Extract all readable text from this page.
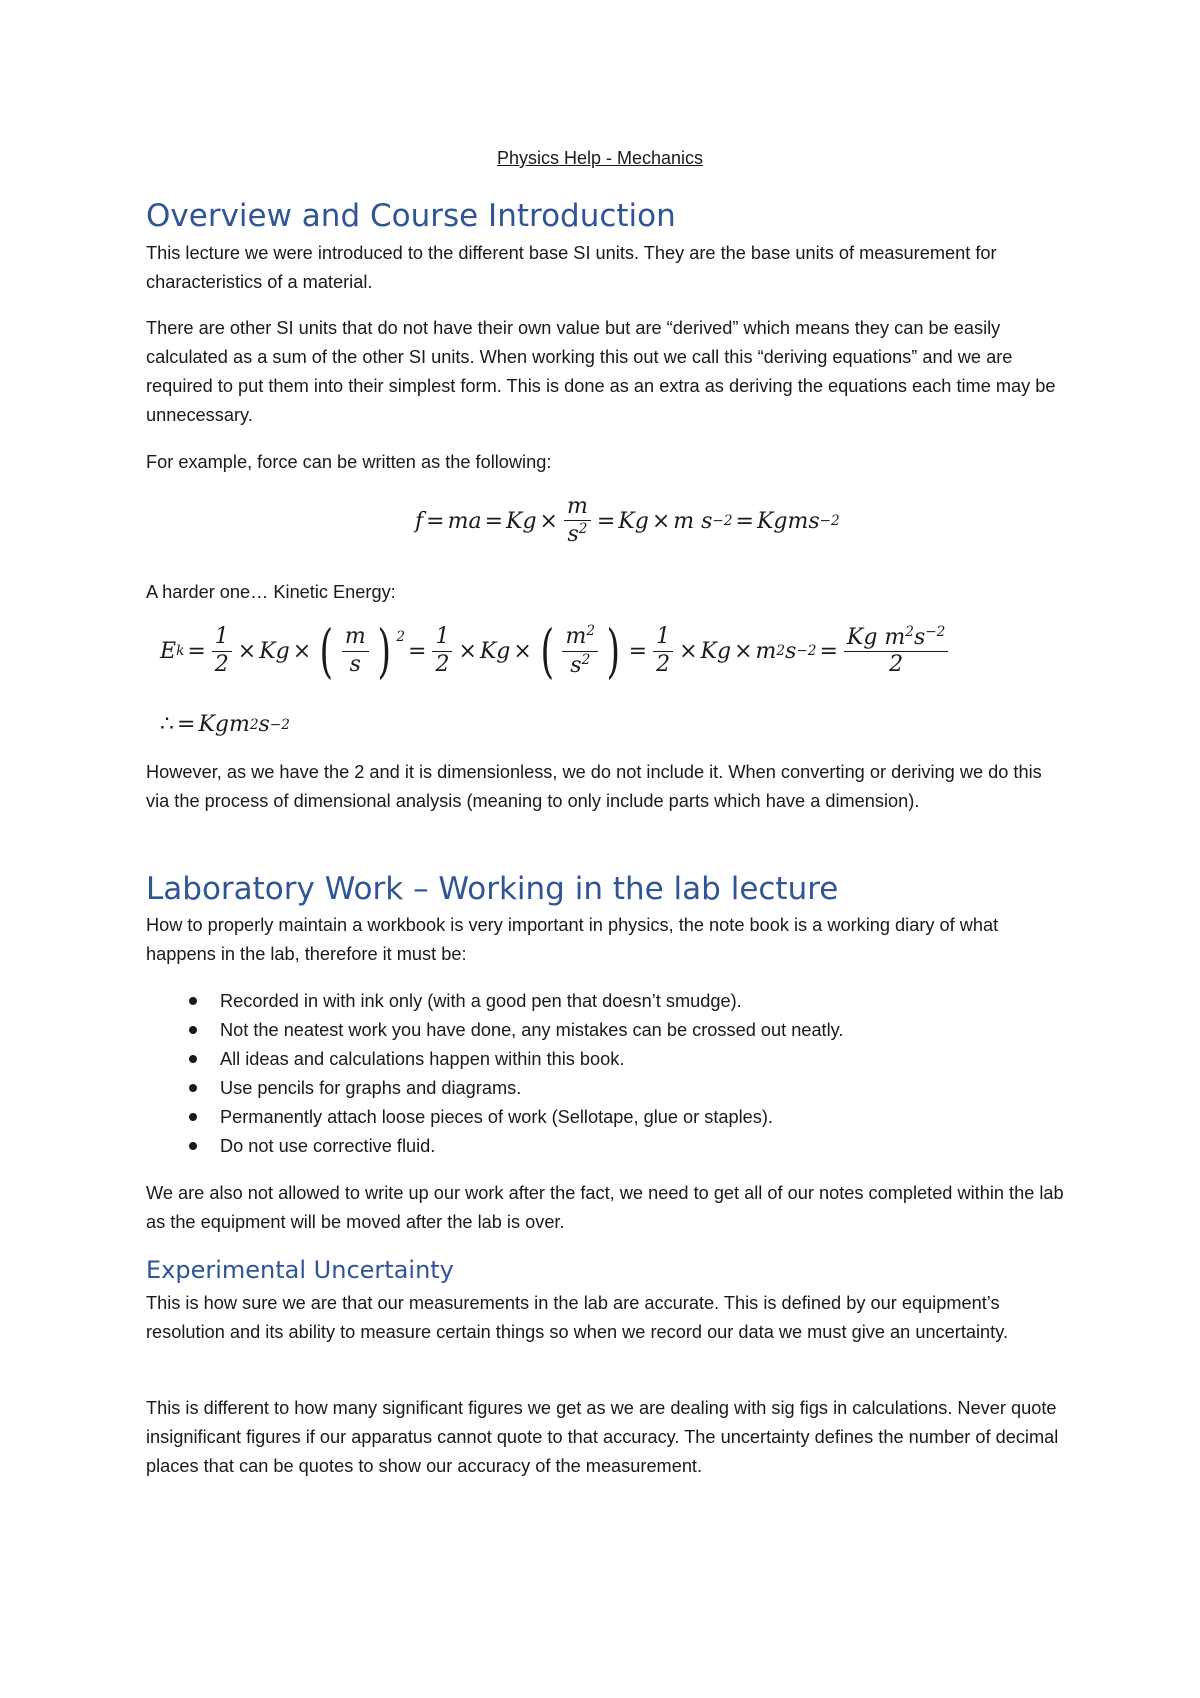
Physics Help - Mechanics
Overview and Course Introduction

This lecture we were introduced to the different base SI units. They are the base units of measurement for characteristics of a material.

There are other SI units that do not have their own value but are “derived” which means they can be easily calculated as a sum of the other SI units. When working this out we call this “deriving equations” and we are required to put them into their simplest form. This is done as an extra as deriving the equations each time may be unnecessary.

For example, force can be written as the following:

f = ma = $Kg \times \frac{m}{s^2} = Kg \times m$ s −2 = Kgms −2

A harder one… Kinetic Energy:

E $k = \frac{1}{2} \times Kg$ × ( $\frac{m}{s}$ ) $^2$
= $\frac{1}{2} \times Kg$ × ( $\frac{m^2}{s^2}$ ) = $\frac{1}{2} \times Kg \times m$ 2 $s -2 = \frac{Kg m^2s^{-2}}{2}$
∴ = Kgm 2 s −2

However, as we have the 2 and it is dimensionless, we do not include it. When converting or deriving we do this via the process of dimensional analysis (meaning to only include parts which have a dimension).

Laboratory Work – Working in the lab lecture

How to properly maintain a workbook is very important in physics, the note book is a working diary of what happens in the lab, therefore it must be:

Recorded in with ink only (with a good pen that doesn’t smudge).
Not the neatest work you have done, any mistakes can be crossed out neatly.
All ideas and calculations happen within this book.
Use pencils for graphs and diagrams.
Permanently attach loose pieces of work (Sellotape, glue or staples).
Do not use corrective fluid.

We are also not allowed to write up our work after the fact, we need to get all of our notes completed within the lab as the equipment will be moved after the lab is over.

Experimental Uncertainty

This is how sure we are that our measurements in the lab are accurate. This is defined by our equipment’s resolution and its ability to measure certain things so when we record our data we must give an uncertainty.

This is different to how many significant figures we get as we are dealing with sig figs in calculations. Never quote insignificant figures if our apparatus cannot quote to that accuracy. The uncertainty defines the number of decimal places that can be quotes to show our accuracy of the measurement.
